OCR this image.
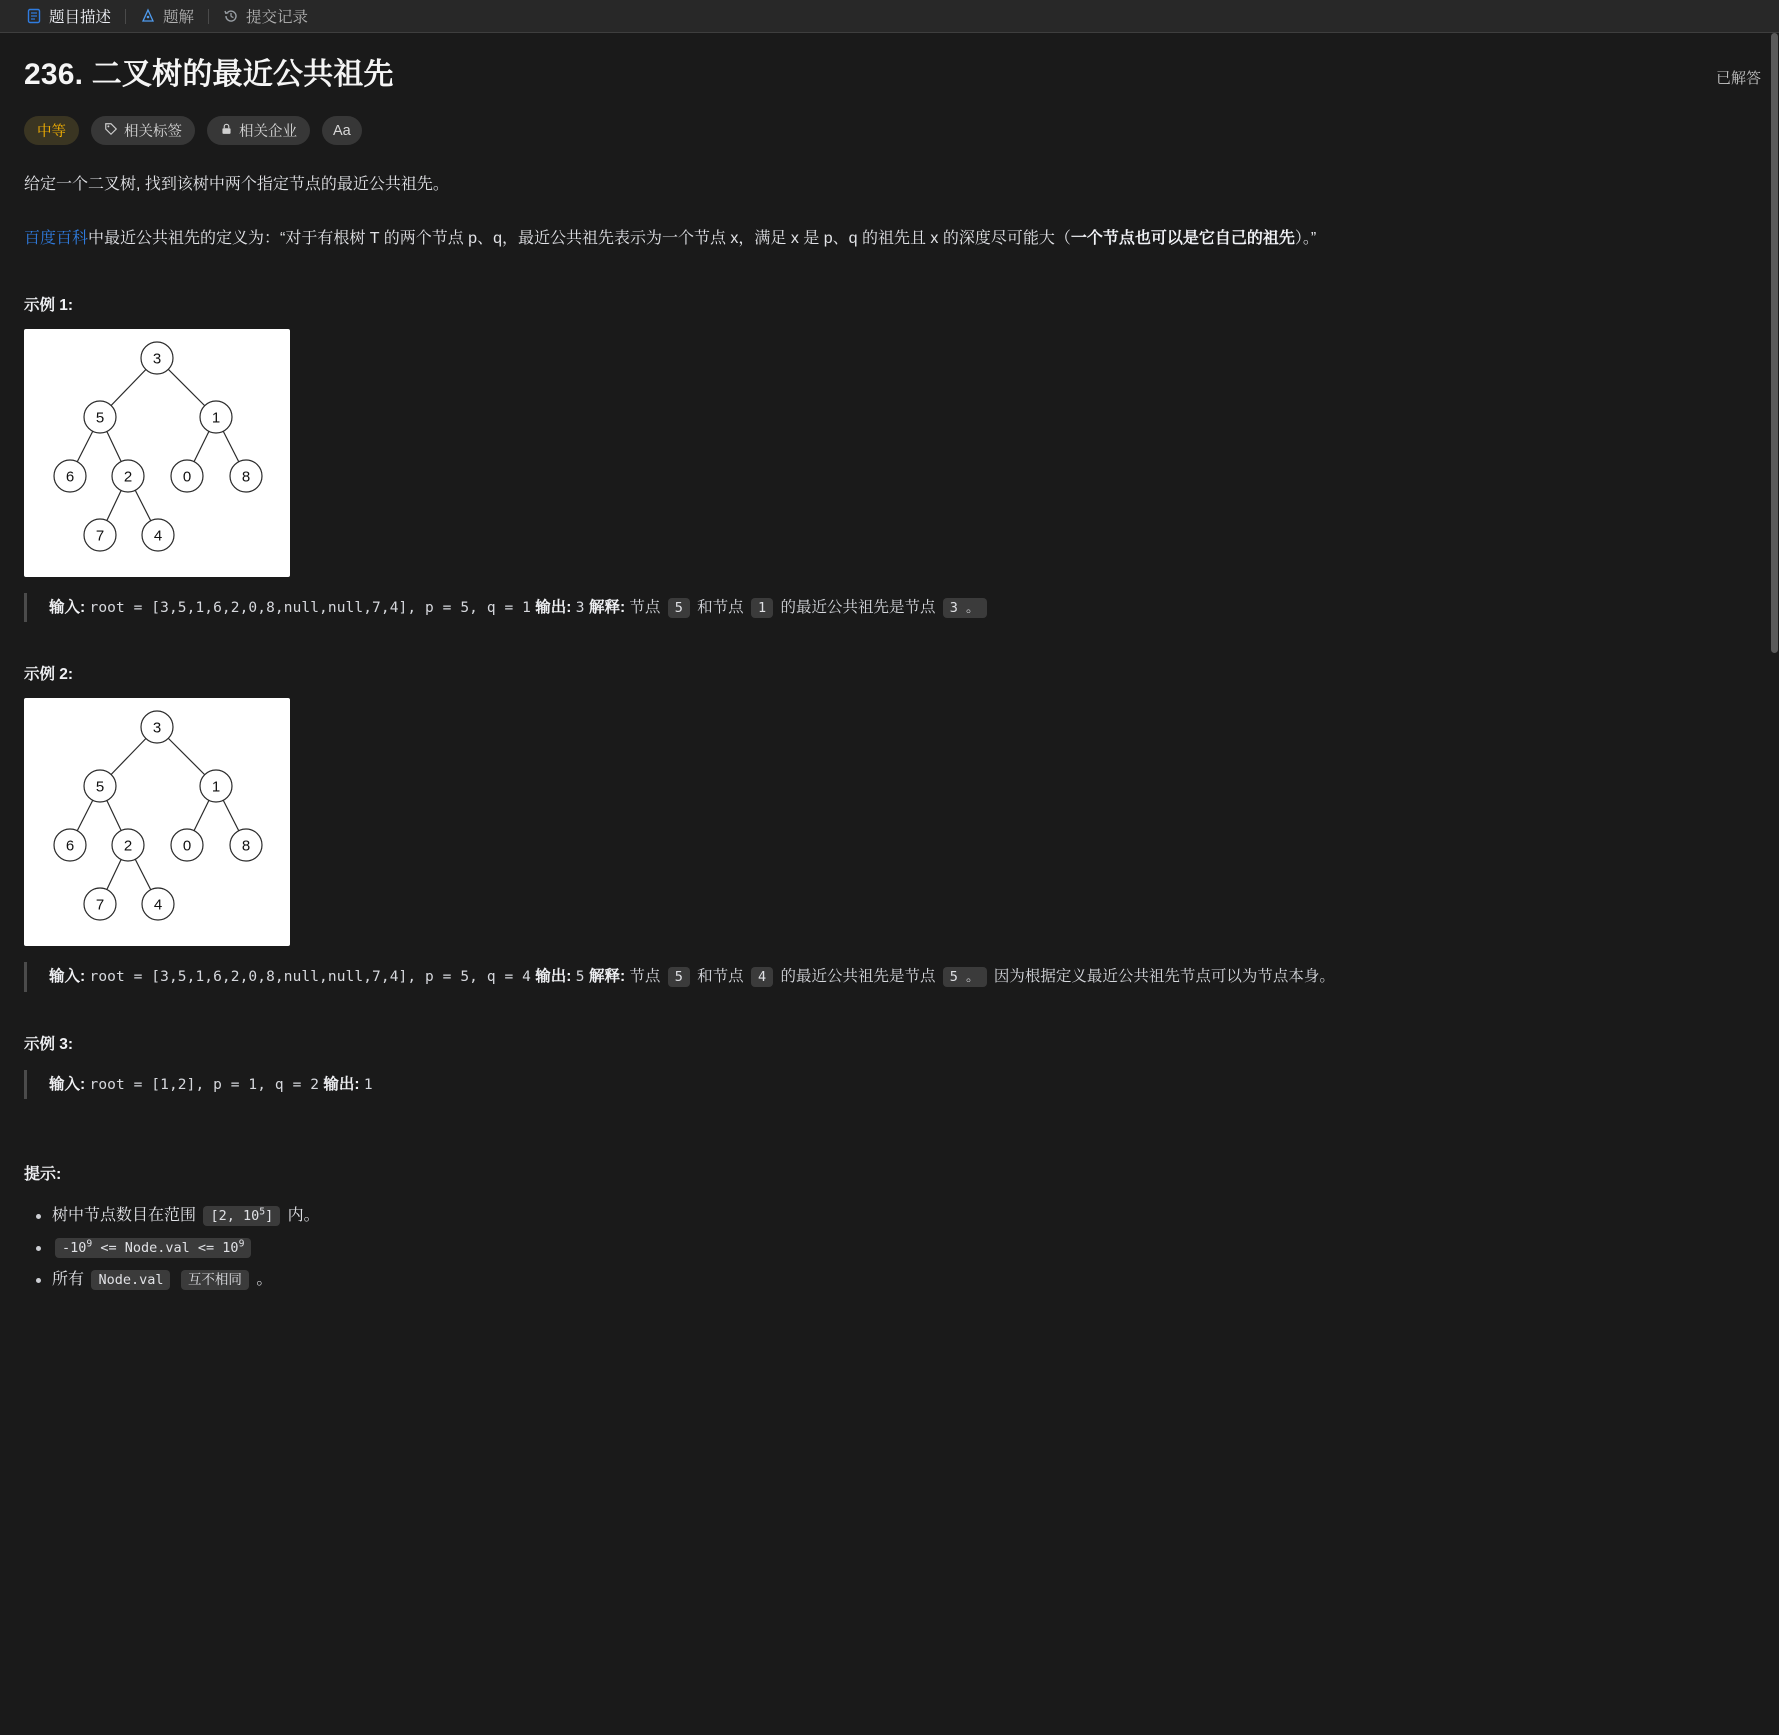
题目描述	题解	提交记录
236. 二叉树的最近公共祖先	已解答
中等	相关标签	相关企业 Aa
给定一个二叉树, 找到该树中两个指定节点的最近公共祖先。
百度百科中最近公共祖先的定义为：“对于有根树 T 的两个节点 p、q，最近公共祖先表示为一个节点 x，满足 x 是 p、q 的祖先且 x 的深度尽可能大（一个节点也可以是它自己的祖先）。”
示例 1:
3
5	1
6	2	0	8
7	4
输入: root = [3,5,1,6,2,0,8,null,null,7,4], p = 5, q = 1 输出: 3 解释: 节点 5 和节点 1 的最近公共祖先是节点 3 。
示例 2:
3
5	1
6	2	0	8
7	4
输入: root = [3,5,1,6,2,0,8,null,null,7,4], p = 5, q = 4 输出: 5 解释: 节点 5 和节点 4 的最近公共祖先是节点 5 。 因为根据定义最近公共祖先节点可以为节点本身。
示例 3:
输入: root = [1,2], p = 1, q = 2 输出: 1
提示:
树中节点数目在范围 [2, $10^5$] 内。
$-10^9$ <= Node.val <= $10^9$
所有 Node.val 互不相同 。
